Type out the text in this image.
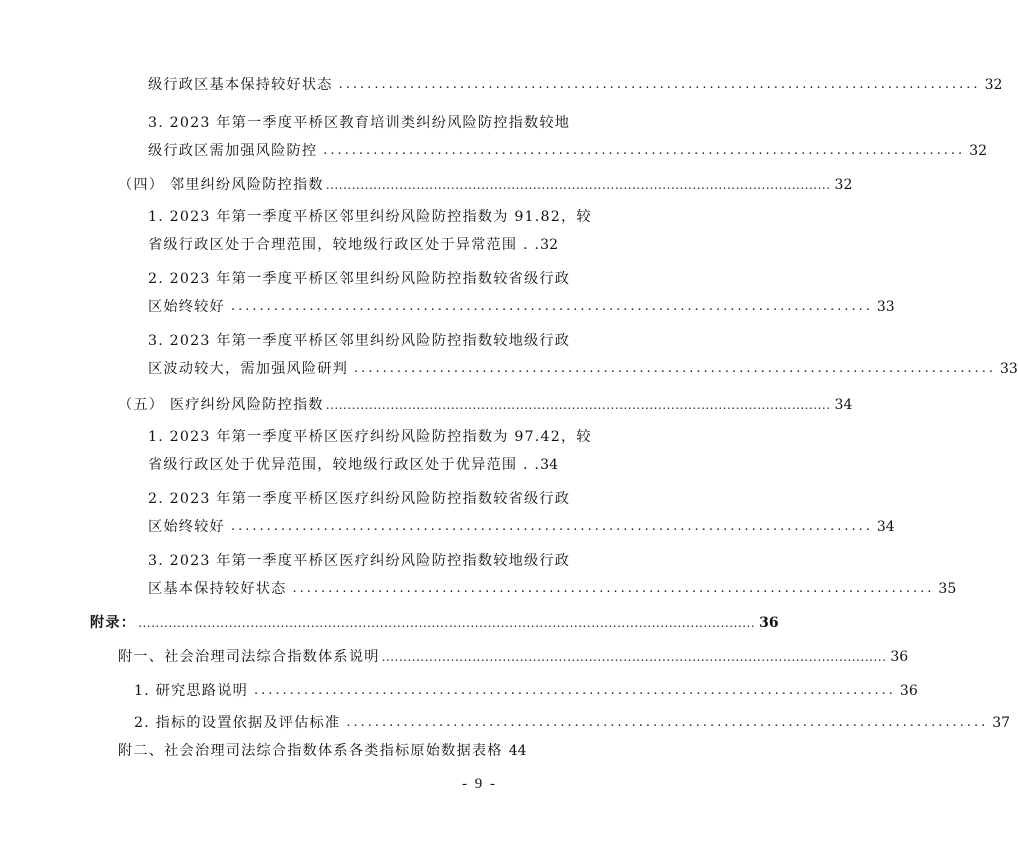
级行政区基本保持较好状态 .......................................................................................... 32
3. 2023 年第一季度平桥区教育培训类纠纷风险防控指数较地
级行政区需加强风险防控 .......................................................................................... 32
（四） 邻里纠纷风险防控指数 ..................................................................................................................... 32
1. 2023 年第一季度平桥区邻里纠纷风险防控指数为 91.82，较
省级行政区处于合理范围，较地级行政区处于异常范围 . . 32
2. 2023 年第一季度平桥区邻里纠纷风险防控指数较省级行政
区始终较好 .......................................................................................... 33
3. 2023 年第一季度平桥区邻里纠纷风险防控指数较地级行政
区波动较大，需加强风险研判 .......................................................................................... 33
（五） 医疗纠纷风险防控指数 ..................................................................................................................... 34
1. 2023 年第一季度平桥区医疗纠纷风险防控指数为 97.42，较
省级行政区处于优异范围，较地级行政区处于优异范围 . . 34
2. 2023 年第一季度平桥区医疗纠纷风险防控指数较省级行政
区始终较好 .......................................................................................... 34
3. 2023 年第一季度平桥区医疗纠纷风险防控指数较地级行政
区基本保持较好状态 .......................................................................................... 35
附录： ............................................................................................................................................... 36
附一、社会治理司法综合指数体系说明 ..................................................................................................................... 36
1. 研究思路说明 .......................................................................................... 36
2. 指标的设置依据及评估标准 .......................................................................................... 37
附二、社会治理司法综合指数体系各类指标原始数据表格 44
- 9 -
